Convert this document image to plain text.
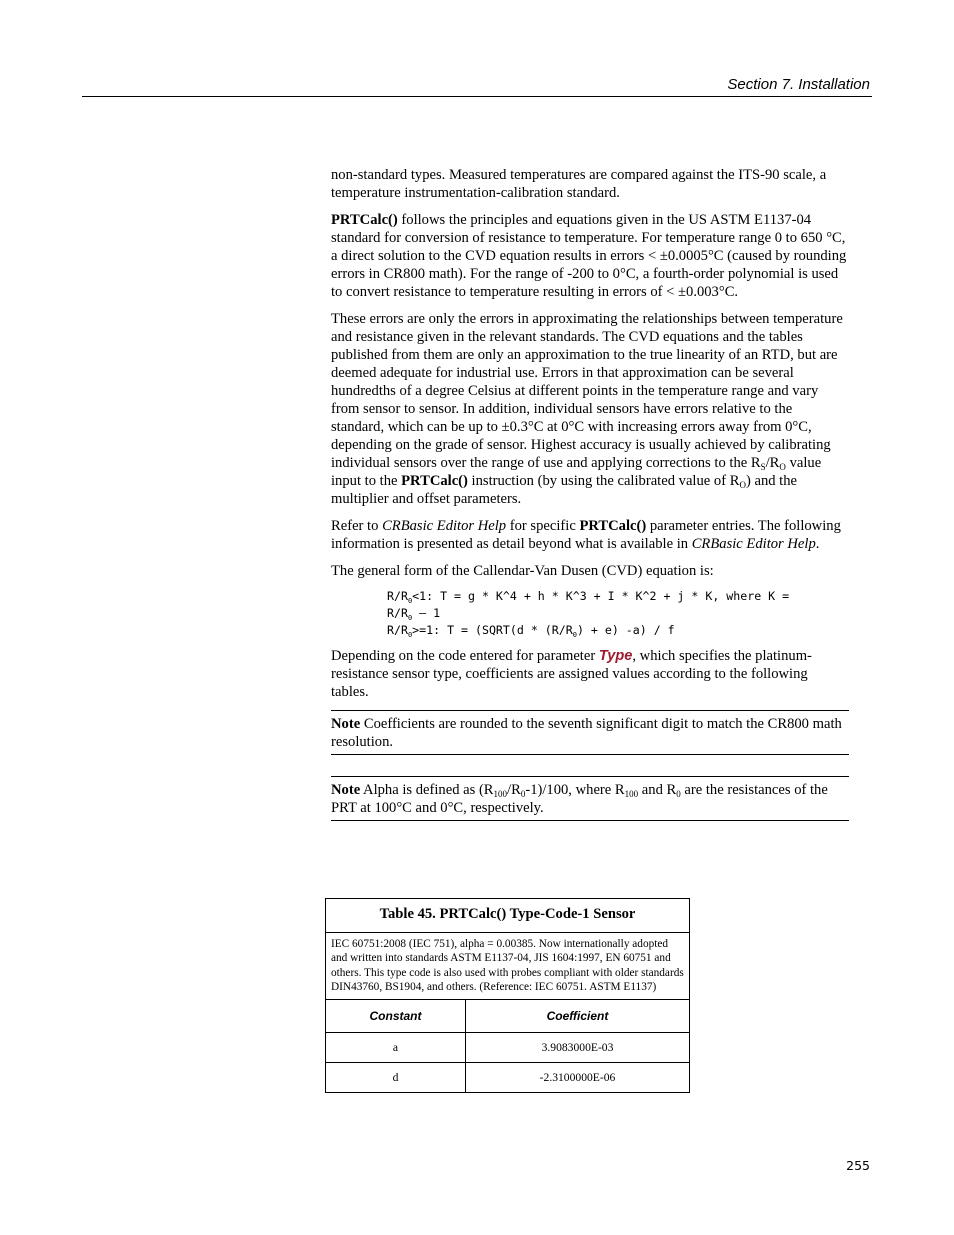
Section 7. Installation

non-standard types. Measured temperatures are compared against the ITS-90 scale, a temperature instrumentation-calibration standard.

PRTCalc() follows the principles and equations given in the US ASTM E1137-04 standard for conversion of resistance to temperature. For temperature range 0 to 650 °C, a direct solution to the CVD equation results in errors < ±0.0005°C (caused by rounding errors in CR800 math). For the range of -200 to 0°C, a fourth-order polynomial is used to convert resistance to temperature resulting in errors of < ±0.003°C.

These errors are only the errors in approximating the relationships between temperature and resistance given in the relevant standards. The CVD equations and the tables published from them are only an approximation to the true linearity of an RTD, but are deemed adequate for industrial use. Errors in that approximation can be several hundredths of a degree Celsius at different points in the temperature range and vary from sensor to sensor. In addition, individual sensors have errors relative to the standard, which can be up to ±0.3°C at 0°C with increasing errors away from 0°C, depending on the grade of sensor. Highest accuracy is usually achieved by calibrating individual sensors over the range of use and applying corrections to the $R_S/R_O$ value input to the PRTCalc() instruction (by using the calibrated value of $R_O$) and the multiplier and offset parameters.

Refer to CRBasic Editor Help for specific PRTCalc() parameter entries. The following information is presented as detail beyond what is available in CRBasic Editor Help.

The general form of the Callendar-Van Dusen (CVD) equation is:

$R/R_0<1$: T = g * K^4 + h * K^3 + I * K^2 + j * K, where K =
$R/R_0 - 1$
$R/R_0>=1$: T = (SQRT(d * $(R/R_0) + e$) -a) / f

Depending on the code entered for parameter Type, which specifies the platinum-resistance sensor type, coefficients are assigned values according to the following tables.

Note Coefficients are rounded to the seventh significant digit to match the CR800 math resolution.
Note Alpha is defined as $(R_{100}/R_0-1)/100$, where $R_{100}$ and $R_0$ are the resistances of the PRT at 100°C and 0°C, respectively.
Table 45. PRTCalc() Type-Code-1 Sensor
IEC 60751:2008 (IEC 751), alpha = 0.00385. Now internationally adopted and written into standards ASTM E1137-04, JIS 1604:1997, EN 60751 and others. This type code is also used with probes compliant with older standards DIN43760, BS1904, and others. (Reference: IEC 60751. ASTM E1137)
Constant	Coefficient
a	3.9083000E-03
d	-2.3100000E-06
255
